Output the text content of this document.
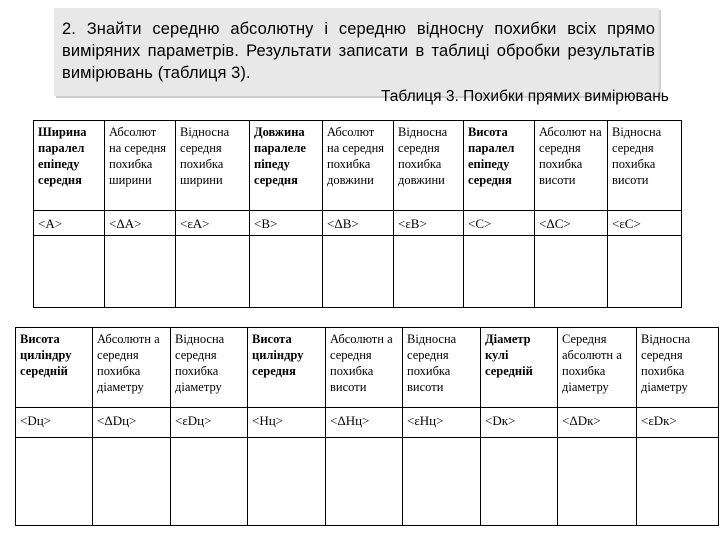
2. Знайти середню абсолютну і середню відносну похибки всіх прямо виміряних параметрів. Результати записати в таблиці обробки результатів вимірювань (таблиця 3).

Таблиця 3. Похибки прямих вимірювань
Ширина паралел епіпеду середня	Абсолют на середня похибка ширини	Відносна середня похибка ширини	Довжина паралеле піпеду середня	Абсолют на середня похибка довжини	Відносна середня похибка довжини	Висота паралел епіпеду середня	Абсолют на середня похибка висоти	Відносна середня похибка висоти
<A>	<ΔA>	<εA>	<B>	<ΔB>	<εB>	<C>	<ΔC>	<εC>

Висота циліндру середній	Абсолютн а середня похибка діаметру	Відносна середня похибка діаметру	Висота циліндру середня	Абсолютн а середня похибка висоти	Відносна середня похибка висоти	Діаметр кулі середній	Середня абсолютн а похибка діаметру	Відносна середня похибка діаметру
<Dц>	<ΔDц>	<εDц>	<Hц>	<ΔHц>	<εHц>	<Dк>	<ΔDк>	<εDк>
